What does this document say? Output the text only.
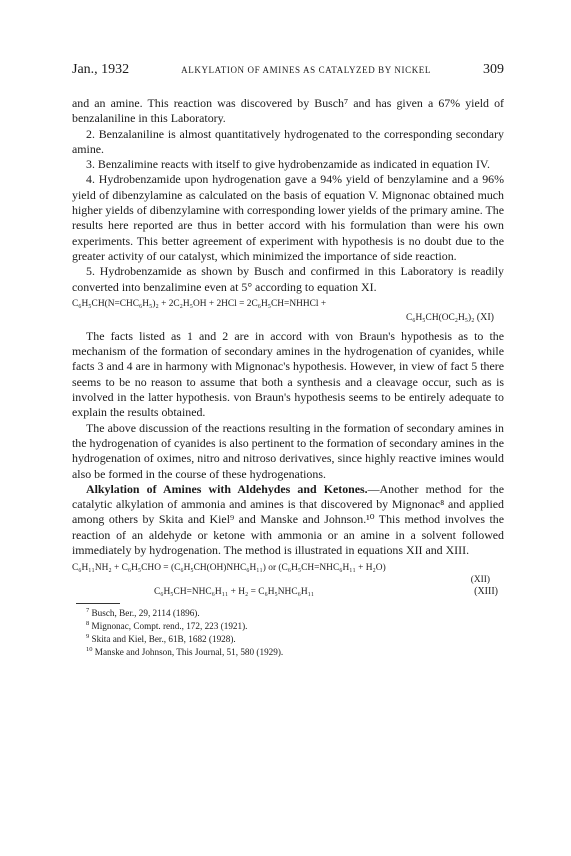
Jan., 1932	ALKYLATION OF AMINES AS CATALYZED BY NICKEL	309

and an amine. This reaction was discovered by Busch⁷ and has given a 67% yield of benzalaniline in this Laboratory.

2. Benzalaniline is almost quantitatively hydrogenated to the corresponding secondary amine.

3. Benzalimine reacts with itself to give hydrobenzamide as indicated in equation IV.

4. Hydrobenzamide upon hydrogenation gave a 94% yield of benzylamine and a 96% yield of dibenzylamine as calculated on the basis of equation V. Mignonac obtained much higher yields of dibenzylamine with corresponding lower yields of the primary amine. The results here reported are thus in better accord with his formulation than were his own experiments. This better agreement of experiment with hypothesis is no doubt due to the greater activity of our catalyst, which minimized the importance of side reaction.

5. Hydrobenzamide as shown by Busch and confirmed in this Laboratory is readily converted into benzalimine even at 5° according to equation XI.

C₆H₅CH(N=CHC₆H₅)₂ + 2C₂H₅OH + 2HCl = 2C₆H₅CH=NHHCl +
C₆H₅CH(OC₂H₅)₂ (XI)

The facts listed as 1 and 2 are in accord with von Braun's hypothesis as to the mechanism of the formation of secondary amines in the hydrogenation of cyanides, while facts 3 and 4 are in harmony with Mignonac's hypothesis. However, in view of fact 5 there seems to be no reason to assume that both a synthesis and a cleavage occur, such as is involved in the latter hypothesis. von Braun's hypothesis seems to be entirely adequate to explain the results obtained.

The above discussion of the reactions resulting in the formation of secondary amines in the hydrogenation of cyanides is also pertinent to the formation of secondary amines in the hydrogenation of oximes, nitro and nitroso derivatives, since highly reactive imines would also be formed in the course of these hydrogenations.

Alkylation of Amines with Aldehydes and Ketones.—Another method for the catalytic alkylation of ammonia and amines is that discovered by Mignonac⁸ and applied among others by Skita and Kiel⁹ and Manske and Johnson.¹⁰ This method involves the reaction of an aldehyde or ketone with ammonia or an amine in a solvent followed immediately by hydrogenation. The method is illustrated in equations XII and XIII.

C₆H₁₁NH₂ + C₆H₅CHO = (C₆H₅CH(OH)NHC₆H₁₁) or (C₆H₅CH=NHC₆H₁₁ + H₂O)
(XII)
C₆H₅CH=NHC₆H₁₁ + H₂ = C₆H₅NHC₆H₁₁	(XIII)
$^7$ Busch, Ber., 29, 2114 (1896).
$^8$ Mignonac, Compt. rend., 172, 223 (1921).
$^9$ Skita and Kiel, Ber., 61B, 1682 (1928).
$^{10}$ Manske and Johnson, This Journal, 51, 580 (1929).
